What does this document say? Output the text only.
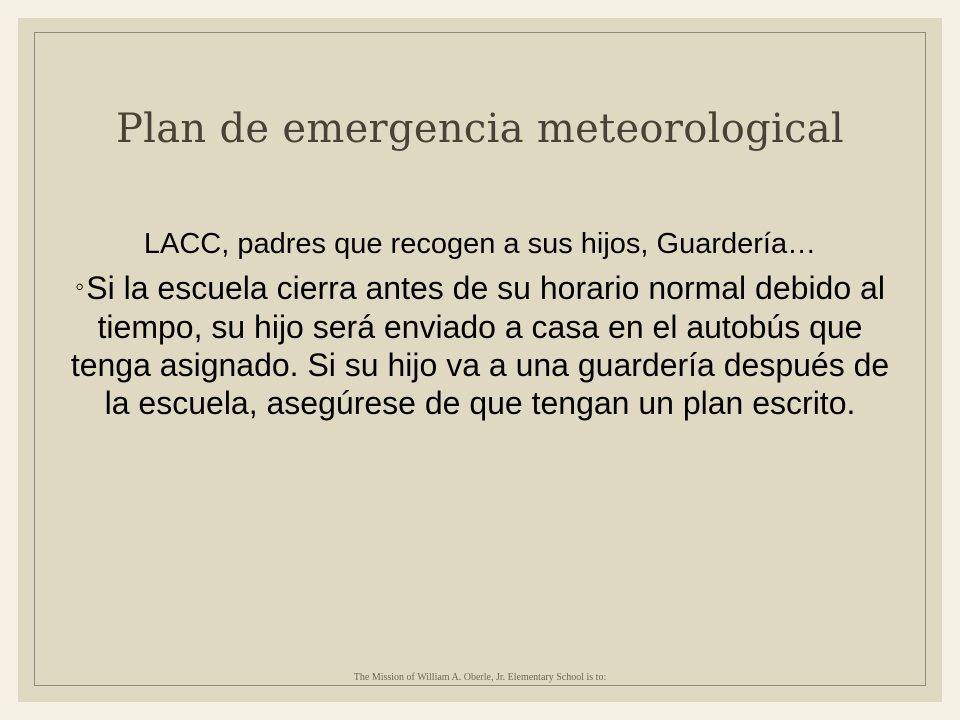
Plan de emergencia meteorological

LACC, padres que recogen a sus hijos, Guardería…

◦Si la escuela cierra antes de su horario normal debido al tiempo, su hijo será enviado a casa en el autobús que tenga asignado. Si su hijo va a una guardería después de la escuela, asegúrese de que tengan un plan escrito.

The Mission of William A. Oberle, Jr. Elementary School is to:
